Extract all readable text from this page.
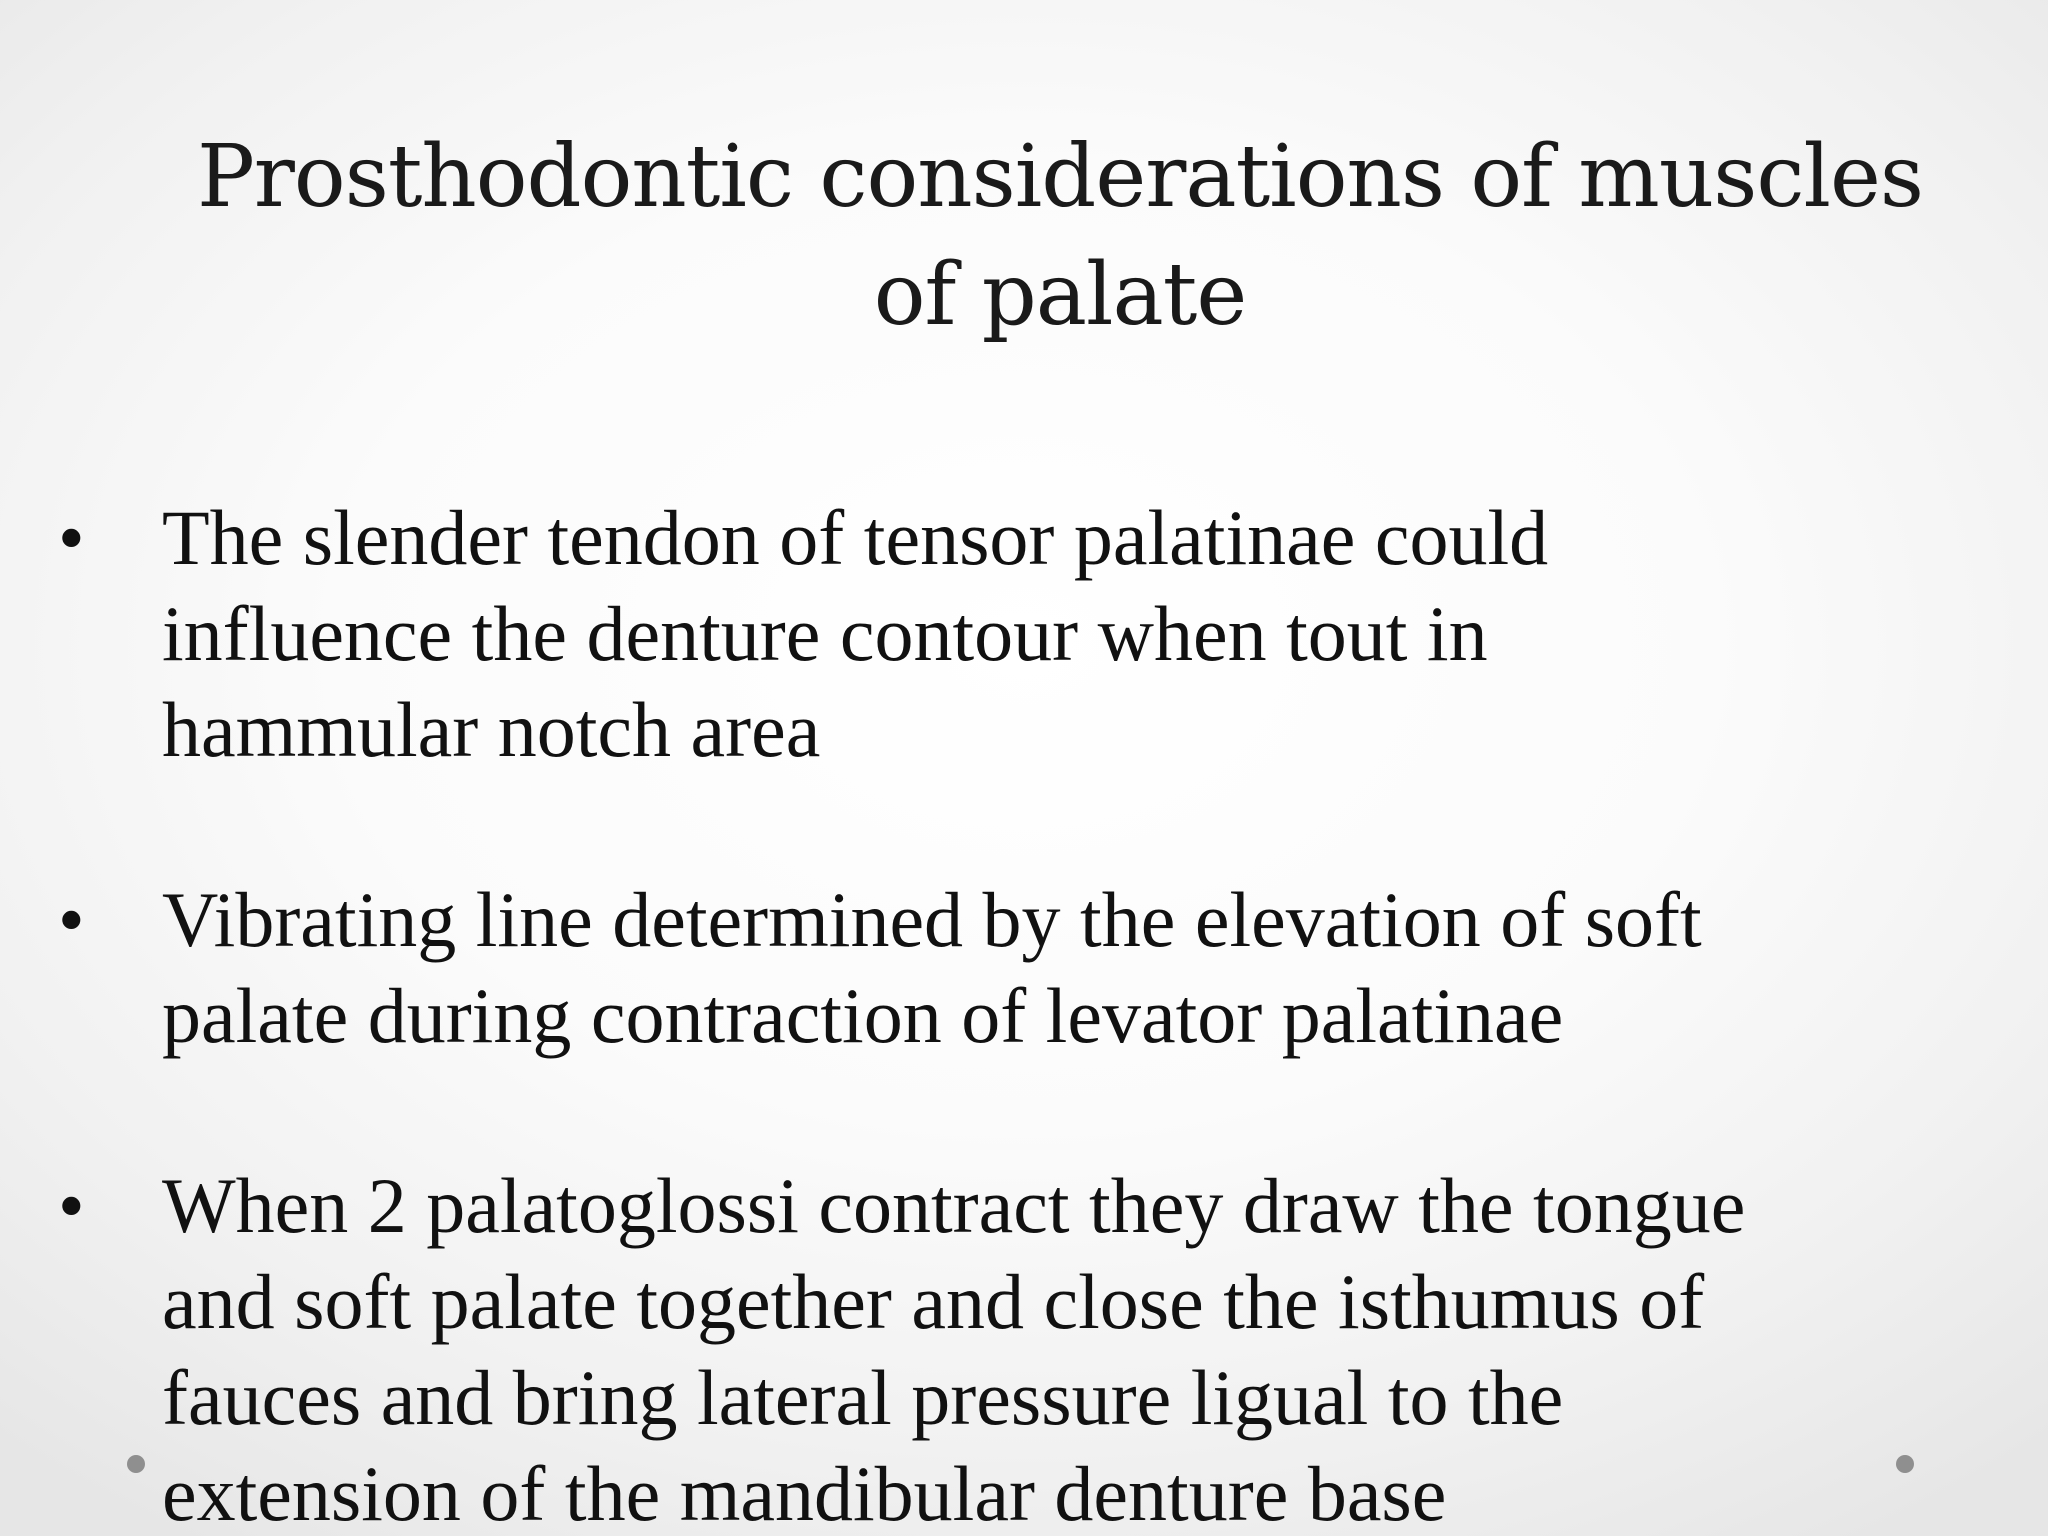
Prosthodontic considerations of muscles
of palate
• The slender tendon of tensor palatinae could
influence the denture contour when tout in
hammular notch area

• Vibrating line determined by the elevation of soft
palate during contraction of levator palatinae

• When 2 palatoglossi contract they draw the tongue
and soft palate together and close the isthumus of
fauces and bring lateral pressure ligual to the
extension of the mandibular denture base
